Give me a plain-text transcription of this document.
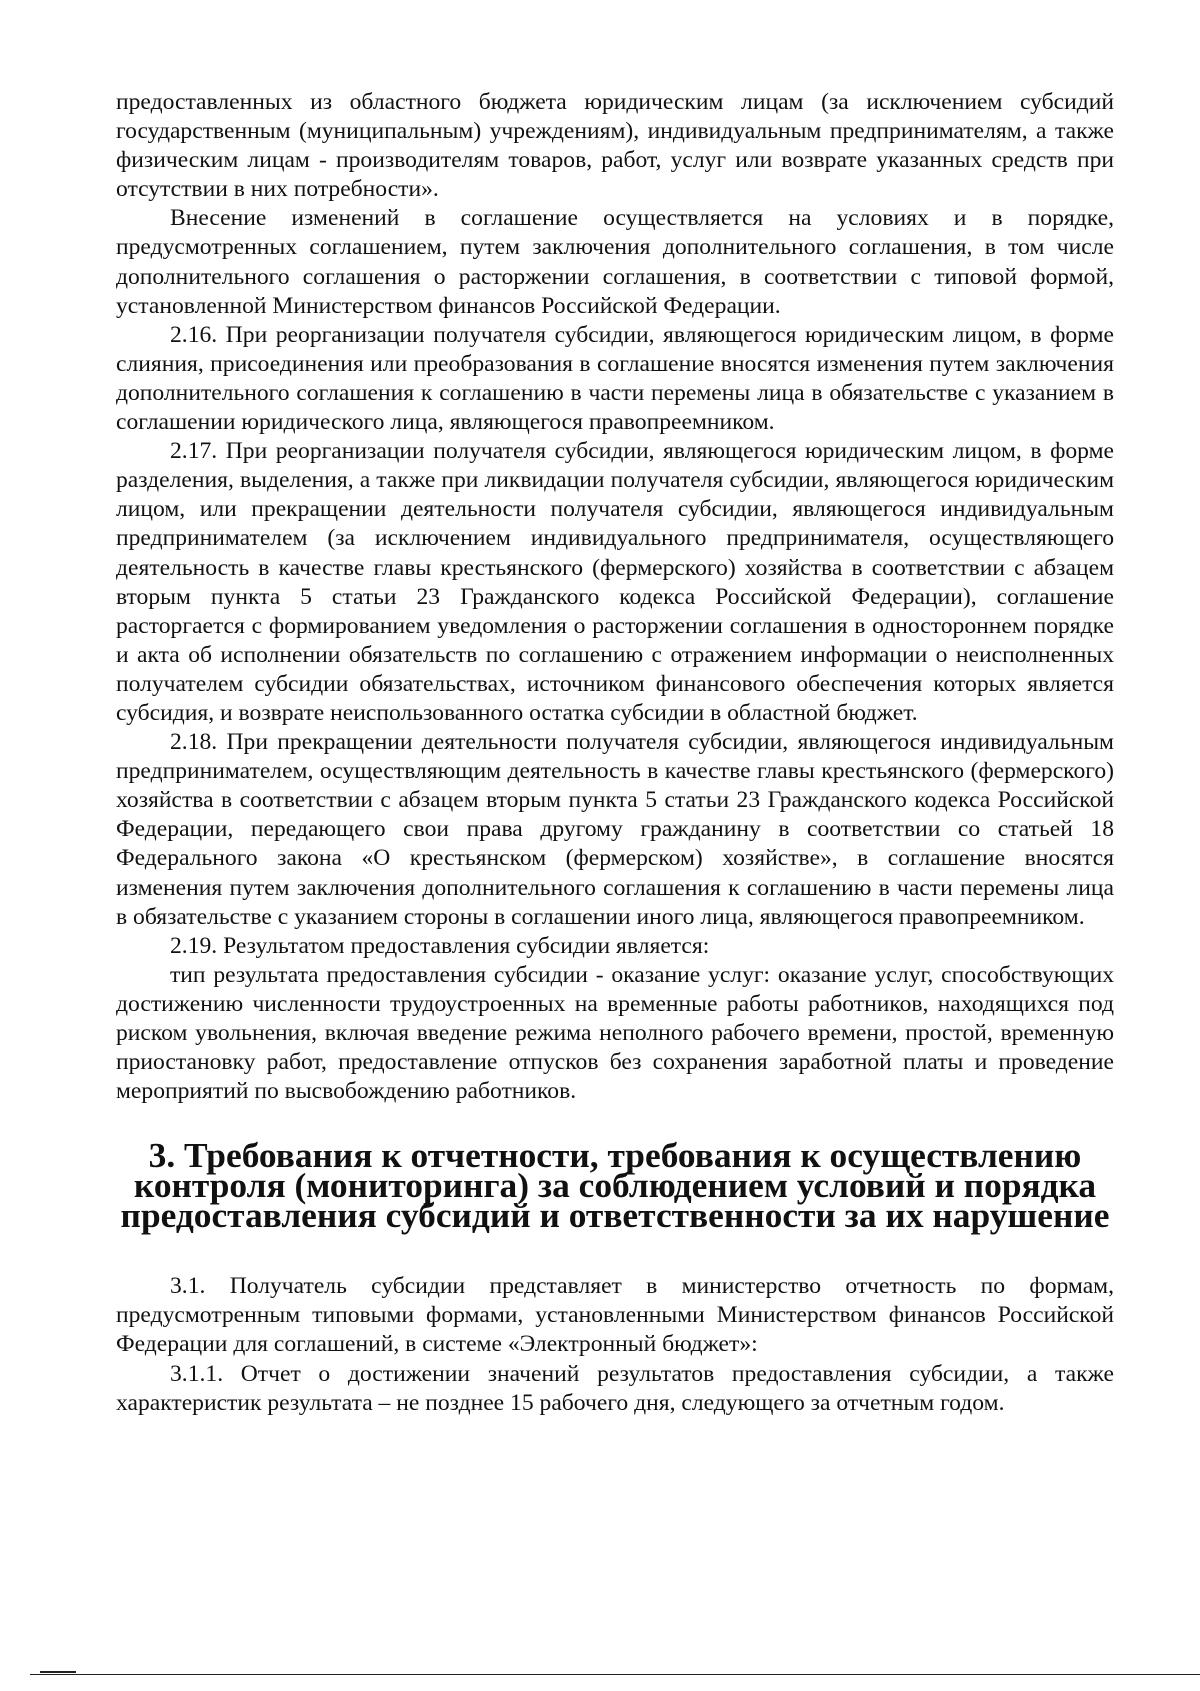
предоставленных из областного бюджета юридическим лицам (за исключением субсидий государственным (муниципальным) учреждениям), индивидуальным предпринимателям, а также физическим лицам - производителям товаров, работ, услуг или возврате указанных средств при отсутствии в них потребности».

Внесение изменений в соглашение осуществляется на условиях и в порядке, предусмотренных соглашением, путем заключения дополнительного соглашения, в том числе дополнительного соглашения о расторжении соглашения, в соответствии с типовой формой, установленной Министерством финансов Российской Федерации.

2.16. При реорганизации получателя субсидии, являющегося юридическим лицом, в форме слияния, присоединения или преобразования в соглашение вносятся изменения путем заключения дополнительного соглашения к соглашению в части перемены лица в обязательстве с указанием в соглашении юридического лица, являющегося правопреемником.

2.17. При реорганизации получателя субсидии, являющегося юридическим лицом, в форме разделения, выделения, а также при ликвидации получателя субсидии, являющегося юридическим лицом, или прекращении деятельности получателя субсидии, являющегося индивидуальным предпринимателем (за исключением индивидуального предпринимателя, осуществляющего деятельность в качестве главы крестьянского (фермерского) хозяйства в соответствии с абзацем вторым пункта 5 статьи 23 Гражданского кодекса Российской Федерации), соглашение расторгается с формированием уведомления о расторжении соглашения в одностороннем порядке и акта об исполнении обязательств по соглашению с отражением информации о неисполненных получателем субсидии обязательствах, источником финансового обеспечения которых является субсидия, и возврате неиспользованного остатка субсидии в областной бюджет.

2.18. При прекращении деятельности получателя субсидии, являющегося индивидуальным предпринимателем, осуществляющим деятельность в качестве главы крестьянского (фермерского) хозяйства в соответствии с абзацем вторым пункта 5 статьи 23 Гражданского кодекса Российской Федерации, передающего свои права другому гражданину в соответствии со статьей 18 Федерального закона «О крестьянском (фермерском) хозяйстве», в соглашение вносятся изменения путем заключения дополнительного соглашения к соглашению в части перемены лица в обязательстве с указанием стороны в соглашении иного лица, являющегося правопреемником.

2.19. Результатом предоставления субсидии является:

тип результата предоставления субсидии - оказание услуг: оказание услуг, способствующих достижению численности трудоустроенных на временные работы работников, находящихся под риском увольнения, включая введение режима неполного рабочего времени, простой, временную приостановку работ, предоставление отпусков без сохранения заработной платы и проведение мероприятий по высвобождению работников.

3. Требования к отчетности, требования к осуществлению
контроля (мониторинга) за соблюдением условий и порядка
предоставления субсидий и ответственности за их нарушение

3.1. Получатель субсидии представляет в министерство отчетность по формам, предусмотренным типовыми формами, установленными Министерством финансов Российской Федерации для соглашений, в системе «Электронный бюджет»:

3.1.1. Отчет о достижении значений результатов предоставления субсидии, а также характеристик результата – не позднее 15 рабочего дня, следующего за отчетным годом.
